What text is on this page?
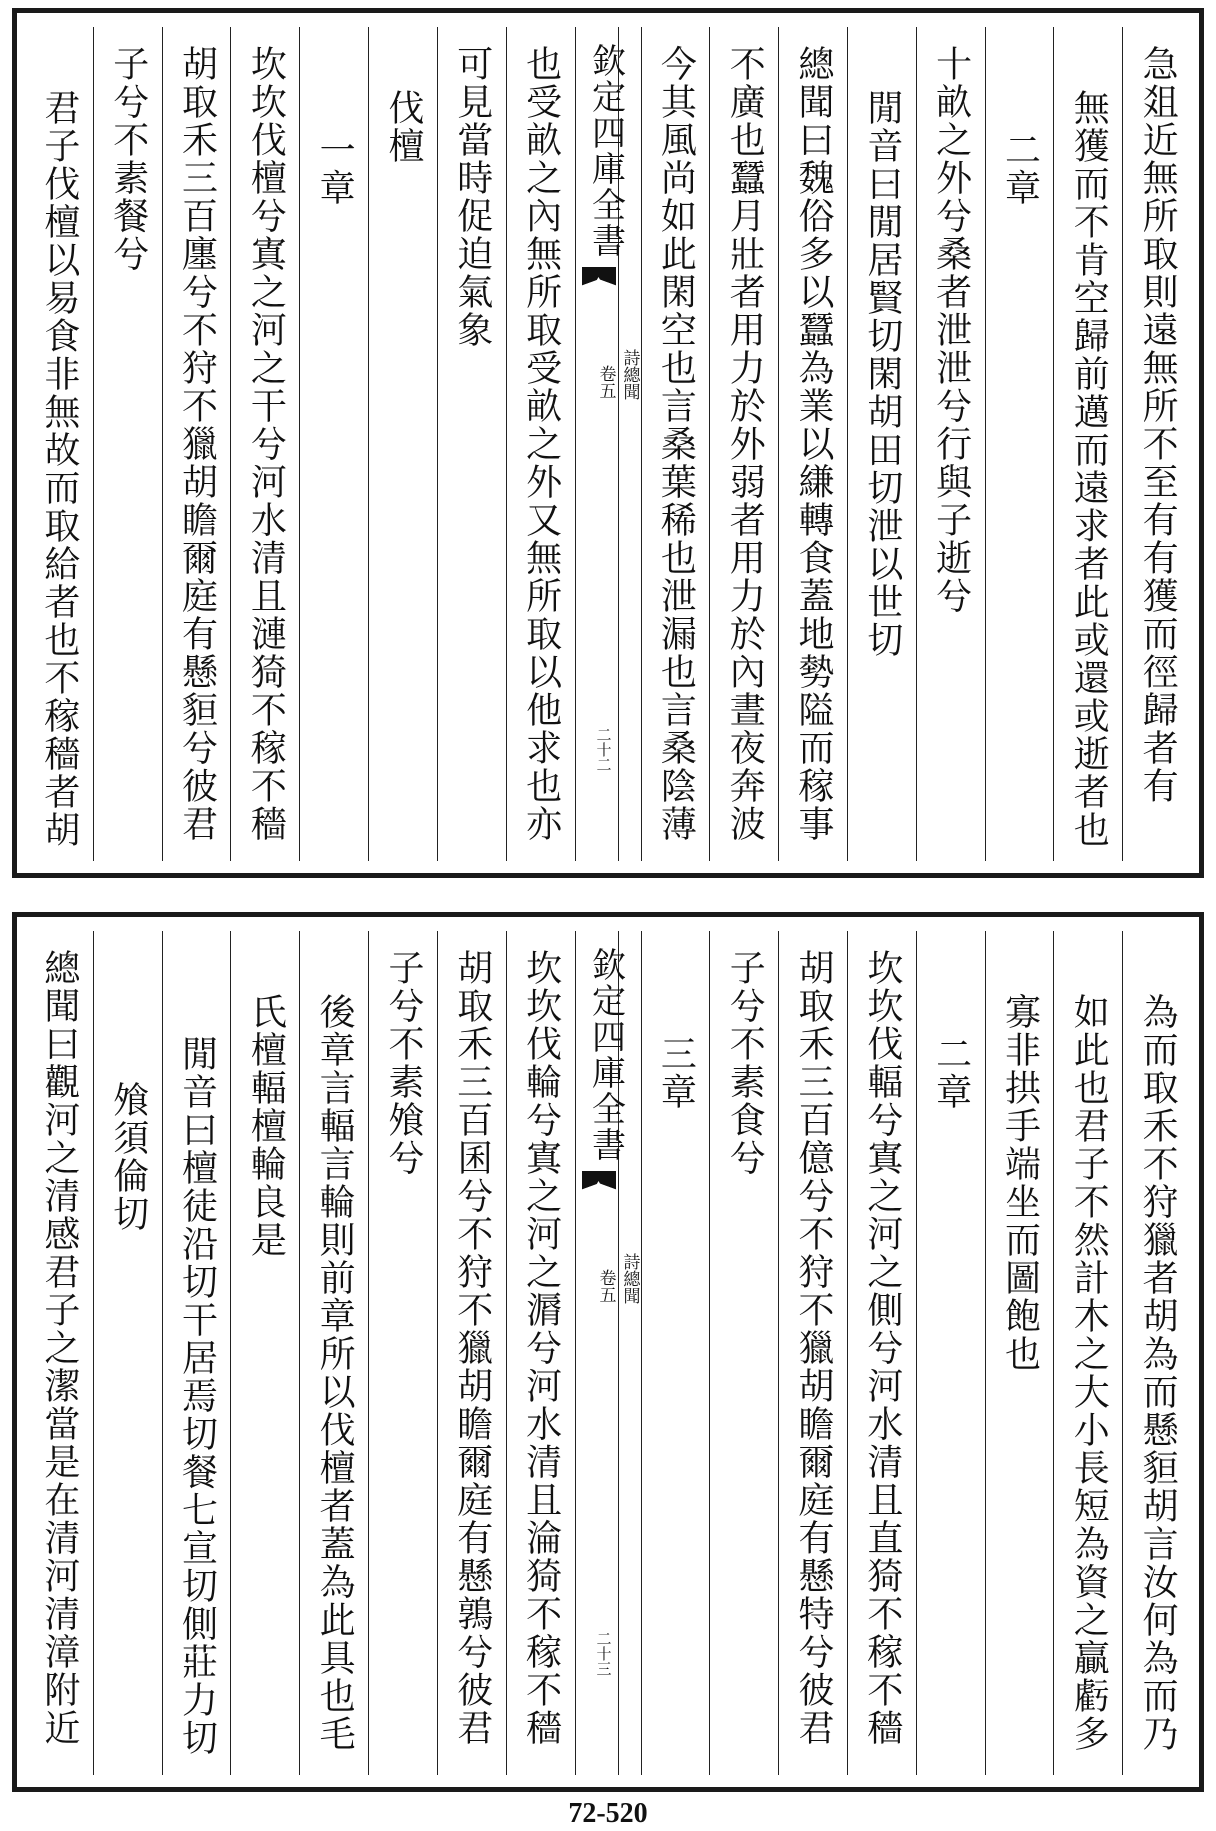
急爼近無所取則遠無所不至有有獲而徑歸者有
無獲而不肯空歸前邁而遠求者此或還或逝者也
二章
十畝之外兮桑者泄泄兮行與子逝兮
閒音曰閒居賢切閑胡田切泄以世切
總聞曰魏俗多以蠶為業以縑轉食蓋地勢隘而稼事
不廣也蠶月壯者用力於外弱者用力於內晝夜奔波
今其風尚如此閑空也言桑葉稀也泄漏也言桑陰薄
欽定四庫全書
詩總聞
卷五
二十二
也受畝之內無所取受畝之外又無所取以他求也亦
可見當時促迫氣象
伐檀
一章
坎坎伐檀兮寘之河之干兮河水清且漣猗不稼不穡
胡取禾三百廛兮不狩不獵胡瞻爾庭有懸貆兮彼君
子兮不素餐兮
君子伐檀以易食非無故而取給者也不稼穡者胡
為而取禾不狩獵者胡為而懸貆胡言汝何為而乃
如此也君子不然計木之大小長短為資之贏虧多
寡非拱手端坐而圖飽也
二章
坎坎伐輻兮寘之河之側兮河水清且直猗不稼不穡
胡取禾三百億兮不狩不獵胡瞻爾庭有懸特兮彼君
子兮不素食兮
三章
欽定四庫全書
詩總聞
卷五
二十三
坎坎伐輪兮寘之河之漘兮河水清且淪猗不稼不穡
胡取禾三百囷兮不狩不獵胡瞻爾庭有懸鶉兮彼君
子兮不素飧兮
後章言輻言輪則前章所以伐檀者蓋為此具也毛
氏檀輻檀輪良是
閒音曰檀徒沿切干居焉切餐七宣切側莊力切
飧須倫切
總聞曰觀河之清感君子之潔當是在清河清漳附近
72-520
